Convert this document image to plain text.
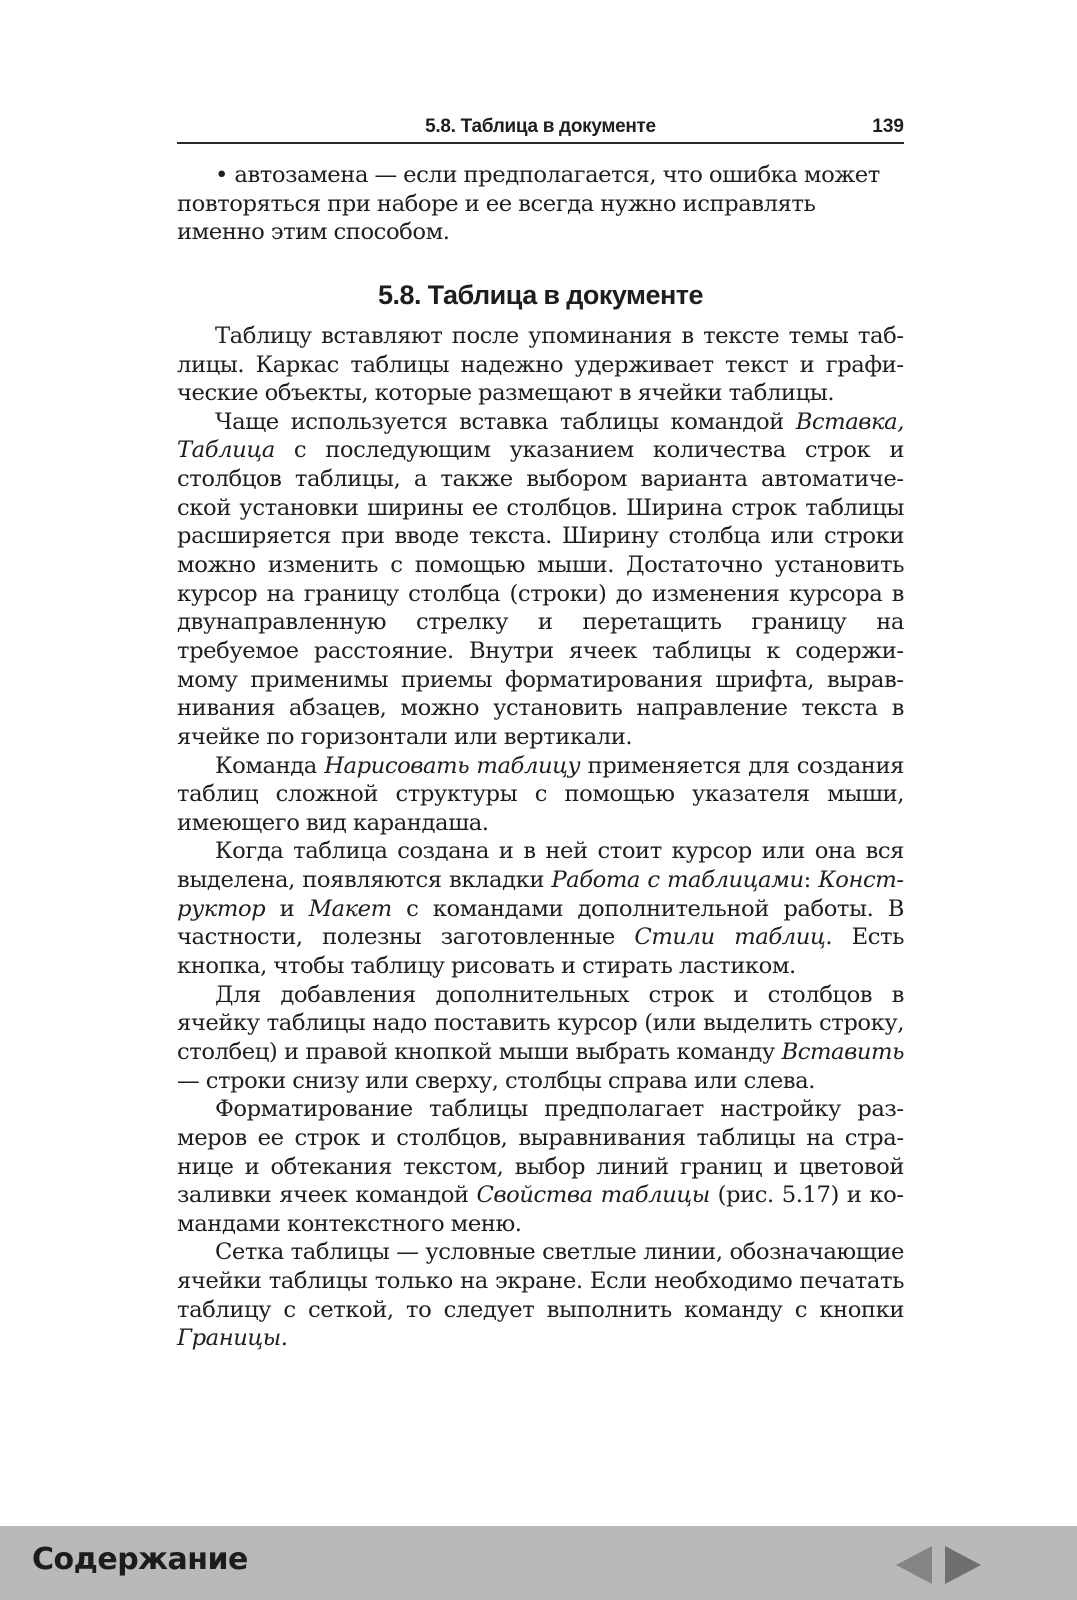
5.8. Таблица в документе	139

• автозамена — если предполагается, что ошибка может
повторяться при наборе и ее всегда нужно исправлять
именно этим способом.

5.8. Таблица в документе

Таблицу вставляют после упоминания в тексте темы таблицы. Каркас таблицы надежно удерживает текст и графические объекты, которые размещают в ячейки таблицы.

Чаще используется вставка таблицы командой Вставка, Таблица с последующим указанием количества строк и столбцов таблицы, а также выбором варианта автоматической установки ширины ее столбцов. Ширина строк таблицы расширяется при вводе текста. Ширину столбца или строки можно изменить с помощью мыши. Достаточно установить курсор на границу столбца (строки) до изменения курсора в двунаправленную стрелку и перетащить границу на требуемое расстояние. Внутри ячеек таблицы к содержимому применимы приемы форматирования шрифта, выравнивания абзацев, можно установить направление текста в ячейке по горизонтали или вертикали.

Команда Нарисовать таблицу применяется для создания таблиц сложной структуры с помощью указателя мыши, имеющего вид карандаша.

Когда таблица создана и в ней стоит курсор или она вся выделена, появляются вкладки Работа с таблицами: Конструктор и Макет с командами дополнительной работы. В частности, полезны заготовленные Стили таблиц. Есть кнопка, чтобы таблицу рисовать и стирать ластиком.

Для добавления дополнительных строк и столбцов в ячейку таблицы надо поставить курсор (или выделить строку, столбец) и правой кнопкой мыши выбрать команду Вставить — строки снизу или сверху, столбцы справа или слева.

Форматирование таблицы предполагает настройку размеров ее строк и столбцов, выравнивания таблицы на странице и обтекания текстом, выбор линий границ и цветовой заливки ячеек командой Свойства таблицы (рис. 5.17) и командами контекстного меню.

Сетка таблицы — условные светлые линии, обозначающие ячейки таблицы только на экране. Если необходимо печатать таблицу с сеткой, то следует выполнить команду с кнопки Границы.

Содержание
